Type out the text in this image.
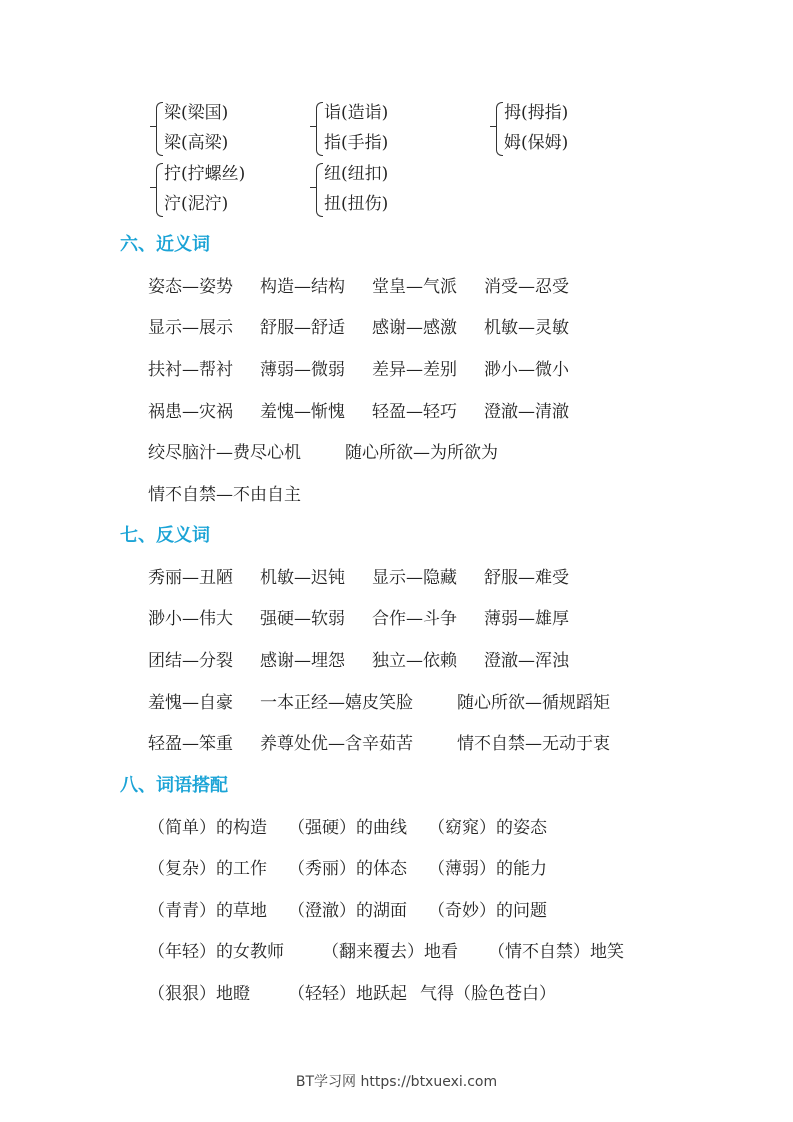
梁(梁国)
梁(高梁)
诣(造诣)
指(手指)
拇(拇指)
姆(保姆)
拧(拧螺丝)
泞(泥泞)
纽(纽扣)
扭(扭伤)
六、近义词
姿态—姿势	构造—结构	堂皇—气派	消受—忍受
显示—展示	舒服—舒适	感谢—感激	机敏—灵敏
扶衬—帮衬	薄弱—微弱	差异—差别	渺小—微小
祸患—灾祸	羞愧—惭愧	轻盈—轻巧	澄澈—清澈
绞尽脑汁—费尽心机	随心所欲—为所欲为
情不自禁—不由自主
七、反义词
秀丽—丑陋	机敏—迟钝	显示—隐藏	舒服—难受
渺小—伟大	强硬—软弱	合作—斗争	薄弱—雄厚
团结—分裂	感谢—埋怨	独立—依赖	澄澈—浑浊
羞愧—自豪	一本正经—嬉皮笑脸	随心所欲—循规蹈矩
轻盈—笨重	养尊处优—含辛茹苦	情不自禁—无动于衷
八、词语搭配
（简单）的构造	（强硬）的曲线	（窈窕）的姿态
（复杂）的工作	（秀丽）的体态	（薄弱）的能力
（青青）的草地	（澄澈）的湖面	（奇妙）的问题
（年轻）的女教师	（翻来覆去）地看	（情不自禁）地笑
（狠狠）地瞪	（轻轻）地跃起 气得（脸色苍白）
BT学习网 https://btxuexi.com
